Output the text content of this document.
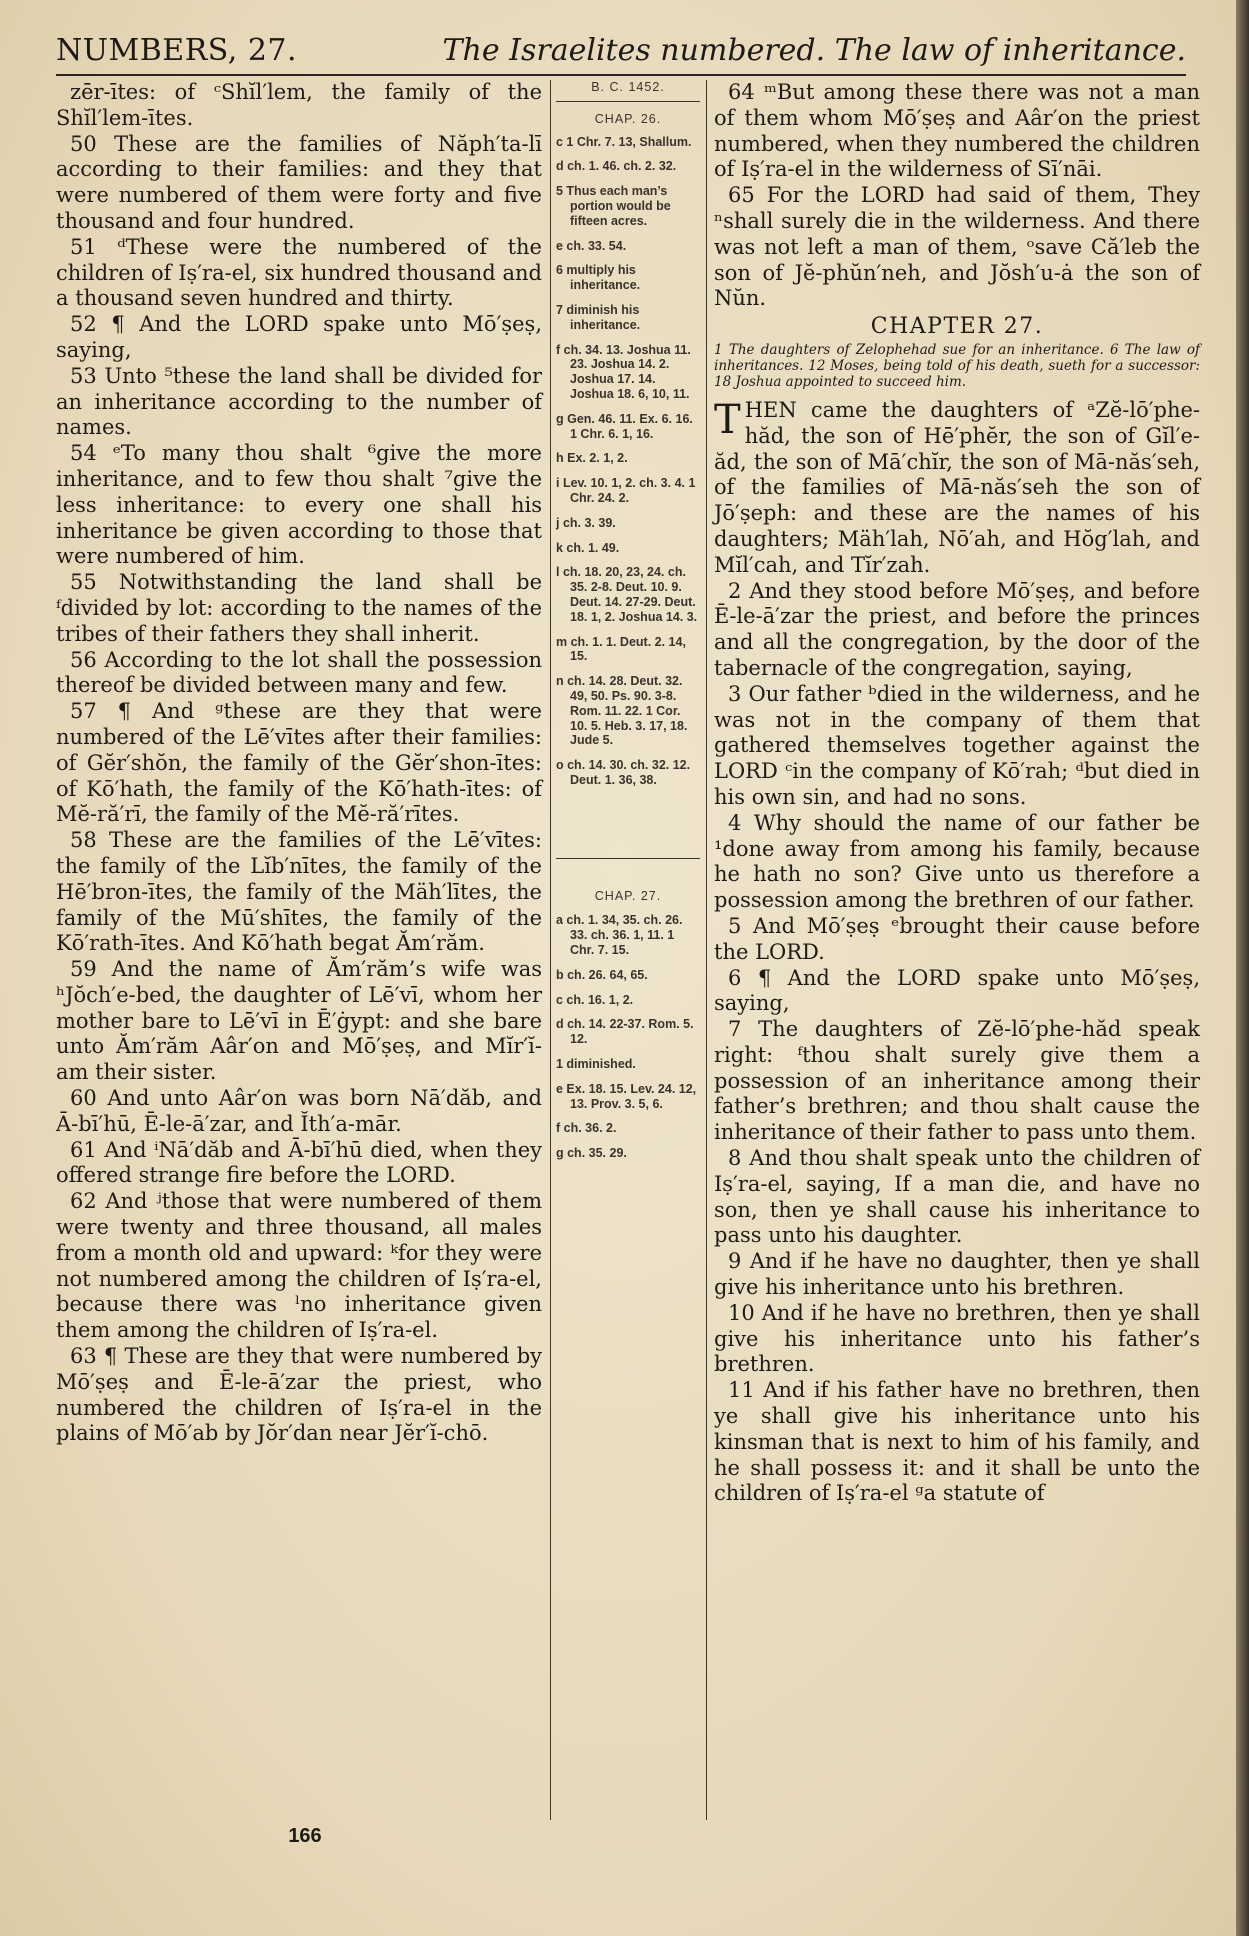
NUMBERS, 27.	The Israelites numbered. The law of inheritance.

zēr-ītes: of ᶜShĭl′lem, the family of the Shĭl′lem-ītes.

50 These are the families of Năph′ta-lī according to their families: and they that were numbered of them were forty and five thousand and four hundred.

51 ᵈThese were the numbered of the children of Iṣ′ra-el, six hundred thousand and a thousand seven hundred and thirty.

52 ¶ And the LORD spake unto Mō′ṣeṣ, saying,

53 Unto ⁵these the land shall be divided for an inheritance according to the number of names.

54 ᵉTo many thou shalt ⁶give the more inheritance, and to few thou shalt ⁷give the less inheritance: to every one shall his inheritance be given according to those that were numbered of him.

55 Notwithstanding the land shall be ᶠdivided by lot: according to the names of the tribes of their fathers they shall inherit.

56 According to the lot shall the possession thereof be divided between many and few.

57 ¶ And ᵍthese are they that were numbered of the Lē′vītes after their families: of Gĕr′shŏn, the family of the Gĕr′shon-ītes: of Kō′hath, the family of the Kō′hath-ītes: of Mĕ-ră′rī, the family of the Mĕ-ră′rītes.

58 These are the families of the Lē′vītes: the family of the Lĭb′nītes, the family of the Hē′bron-ītes, the family of the Mäh′lītes, the family of the Mū′shītes, the family of the Kō′rath-ītes. And Kō′hath begat Ăm′răm.

59 And the name of Ăm′răm’s wife was ʰJŏch′e-bed, the daughter of Lē′vī, whom her mother bare to Lē′vī in Ē′ġypt: and she bare unto Ăm′răm Aâr′on and Mō′ṣeṣ, and Mĭr′ĭ-am their sister.

60 And unto Aâr′on was born Nā′dăb, and Ā-bī′hū, Ē-le-ā′zar, and Ĭth′a-mār.

61 And ⁱNā′dăb and Ā-bī′hū died, when they offered strange fire before the LORD.

62 And ʲthose that were numbered of them were twenty and three thousand, all males from a month old and upward: ᵏfor they were not numbered among the children of Iṣ′ra-el, because there was ˡno inheritance given them among the children of Iṣ′ra-el.

63 ¶ These are they that were numbered by Mō′ṣeṣ and Ē-le-ā′zar the priest, who numbered the children of Iṣ′ra-el in the plains of Mō′ab by Jŏr′dan near Jĕr′ĭ-chō.

B. C. 1452.
CHAP. 26.

c 1 Chr. 7. 13, Shallum.

d ch. 1. 46. ch. 2. 32.

5 Thus each man’s portion would be fifteen acres.

e ch. 33. 54.

6 multiply his inheritance.

7 diminish his inheritance.

f ch. 34. 13. Joshua 11. 23. Joshua 14. 2. Joshua 17. 14. Joshua 18. 6, 10, 11.

g Gen. 46. 11. Ex. 6. 16. 1 Chr. 6. 1, 16.

h Ex. 2. 1, 2.

i Lev. 10. 1, 2. ch. 3. 4. 1 Chr. 24. 2.

j ch. 3. 39.

k ch. 1. 49.

l ch. 18. 20, 23, 24. ch. 35. 2-8. Deut. 10. 9. Deut. 14. 27-29. Deut. 18. 1, 2. Joshua 14. 3.

m ch. 1. 1. Deut. 2. 14, 15.

n ch. 14. 28. Deut. 32. 49, 50. Ps. 90. 3-8. Rom. 11. 22. 1 Cor. 10. 5. Heb. 3. 17, 18. Jude 5.

o ch. 14. 30. ch. 32. 12. Deut. 1. 36, 38.

CHAP. 27.

a ch. 1. 34, 35. ch. 26. 33. ch. 36. 1, 11. 1 Chr. 7. 15.

b ch. 26. 64, 65.

c ch. 16. 1, 2.

d ch. 14. 22-37. Rom. 5. 12.

1 diminished.

e Ex. 18. 15. Lev. 24. 12, 13. Prov. 3. 5, 6.

f ch. 36. 2.

g ch. 35. 29.

64 ᵐBut among these there was not a man of them whom Mō′ṣeṣ and Aâr′on the priest numbered, when they numbered the children of Iṣ′ra-el in the wilderness of Sī′nāi.

65 For the LORD had said of them, They ⁿshall surely die in the wilderness. And there was not left a man of them, ᵒsave Că′leb the son of Jĕ-phŭn′neh, and Jŏsh′u-ȧ the son of Nŭn.

CHAPTER 27.
1 The daughters of Zelophehad sue for an inheritance. 6 The law of inheritances. 12 Moses, being told of his death, sueth for a successor: 18 Joshua appointed to succeed him.

THEN came the daughters of ᵃZĕ-lō′phe-hăd, the son of Hē′phĕr, the son of Gĭl′e-ăd, the son of Mā′chĭr, the son of Mā-năs′seh, of the families of Mā-năs′seh the son of Jō′ṣeph: and these are the names of his daughters; Mäh′lah, Nō′ah, and Hŏg′lah, and Mĭl′cah, and Tĭr′zah.

2 And they stood before Mō′ṣeṣ, and before Ē-le-ā′zar the priest, and before the princes and all the congregation, by the door of the tabernacle of the congregation, saying,

3 Our father ᵇdied in the wilderness, and he was not in the company of them that gathered themselves together against the LORD ᶜin the company of Kō′rah; ᵈbut died in his own sin, and had no sons.

4 Why should the name of our father be ¹done away from among his family, because he hath no son? Give unto us therefore a possession among the brethren of our father.

5 And Mō′ṣeṣ ᵉbrought their cause before the LORD.

6 ¶ And the LORD spake unto Mō′ṣeṣ, saying,

7 The daughters of Zĕ-lō′phe-hăd speak right: ᶠthou shalt surely give them a possession of an inheritance among their father’s brethren; and thou shalt cause the inheritance of their father to pass unto them.

8 And thou shalt speak unto the children of Iṣ′ra-el, saying, If a man die, and have no son, then ye shall cause his inheritance to pass unto his daughter.

9 And if he have no daughter, then ye shall give his inheritance unto his brethren.

10 And if he have no brethren, then ye shall give his inheritance unto his father’s brethren.

11 And if his father have no brethren, then ye shall give his inheritance unto his kinsman that is next to him of his family, and he shall possess it: and it shall be unto the children of Iṣ′ra-el ᵍa statute of

166
